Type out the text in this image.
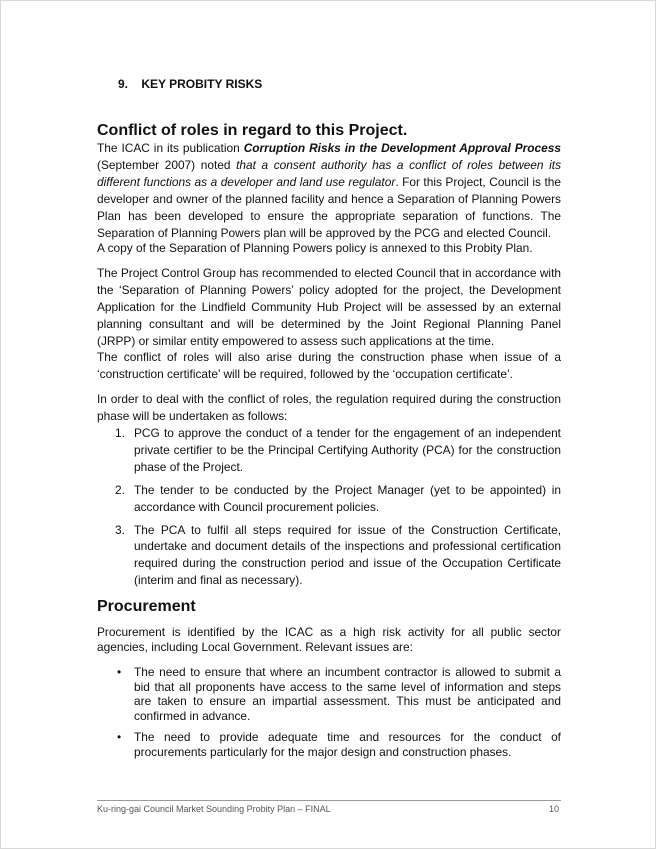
9. KEY PROBITY RISKS
Conflict of roles in regard to this Project.

The ICAC in its publication Corruption Risks in the Development Approval Process (September 2007) noted that a consent authority has a conflict of roles between its different functions as a developer and land use regulator. For this Project, Council is the developer and owner of the planned facility and hence a Separation of Planning Powers Plan has been developed to ensure the appropriate separation of functions. The Separation of Planning Powers plan will be approved by the PCG and elected Council.

A copy of the Separation of Planning Powers policy is annexed to this Probity Plan.

The Project Control Group has recommended to elected Council that in accordance with the ‘Separation of Planning Powers’ policy adopted for the project, the Development Application for the Lindfield Community Hub Project will be assessed by an external planning consultant and will be determined by the Joint Regional Planning Panel (JRPP) or similar entity empowered to assess such applications at the time.

The conflict of roles will also arise during the construction phase when issue of a ‘construction certificate’ will be required, followed by the ‘occupation certificate’.

In order to deal with the conflict of roles, the regulation required during the construction phase will be undertaken as follows:

1. PCG to approve the conduct of a tender for the engagement of an independent private certifier to be the Principal Certifying Authority (PCA) for the construction phase of the Project.
2. The tender to be conducted by the Project Manager (yet to be appointed) in accordance with Council procurement policies.
3. The PCA to fulfil all steps required for issue of the Construction Certificate, undertake and document details of the inspections and professional certification required during the construction period and issue of the Occupation Certificate (interim and final as necessary).
Procurement

Procurement is identified by the ICAC as a high risk activity for all public sector agencies, including Local Government. Relevant issues are:

• The need to ensure that where an incumbent contractor is allowed to submit a bid that all proponents have access to the same level of information and steps are taken to ensure an impartial assessment. This must be anticipated and confirmed in advance.
• The need to provide adequate time and resources for the conduct of procurements particularly for the major design and construction phases.
Ku-ring-gai Council Market Sounding Probity Plan – FINAL	10
